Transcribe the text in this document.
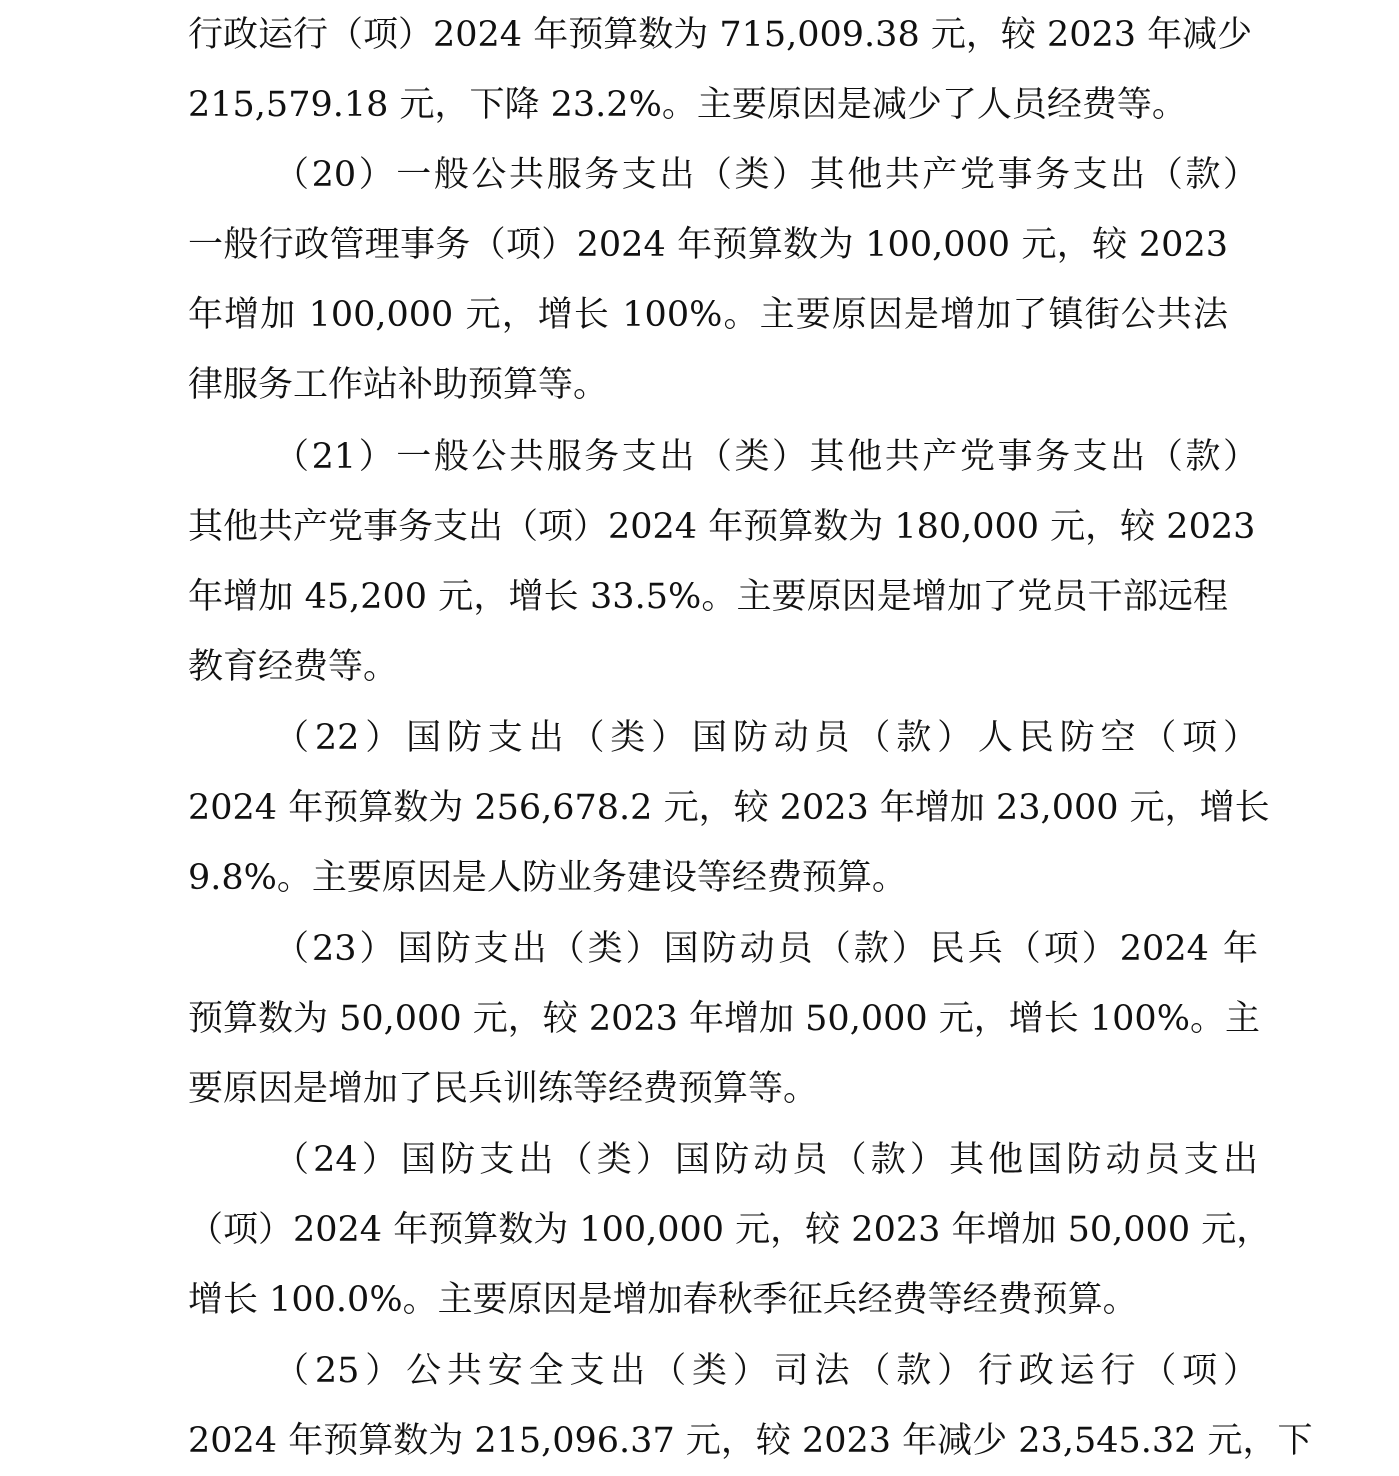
行政运行（项）2024 年预算数为 715,009.38 元，较 2023 年减少
215,579.18 元，下降 23.2%。主要原因是减少了人员经费等。
（20）一般公共服务支出（类）其他共产党事务支出（款）
一般行政管理事务（项）2024 年预算数为 100,000 元，较 2023
年增加 100,000 元，增长 100%。主要原因是增加了镇街公共法
律服务工作站补助预算等。
（21）一般公共服务支出（类）其他共产党事务支出（款）
其他共产党事务支出（项）2024 年预算数为 180,000 元，较 2023
年增加 45,200 元，增长 33.5%。主要原因是增加了党员干部远程
教育经费等。
（22）国防支出（类）国防动员（款）人民防空（项）
2024 年预算数为 256,678.2 元，较 2023 年增加 23,000 元，增长
9.8%。主要原因是人防业务建设等经费预算。
（23）国防支出（类）国防动员（款）民兵（项）2024 年
预算数为 50,000 元，较 2023 年增加 50,000 元，增长 100%。主
要原因是增加了民兵训练等经费预算等。
（24）国防支出（类）国防动员（款）其他国防动员支出
（项）2024 年预算数为 100,000 元，较 2023 年增加 50,000 元，
增长 100.0%。主要原因是增加春秋季征兵经费等经费预算。
（25）公共安全支出（类）司法（款）行政运行（项）
2024 年预算数为 215,096.37 元，较 2023 年减少 23,545.32 元，下
